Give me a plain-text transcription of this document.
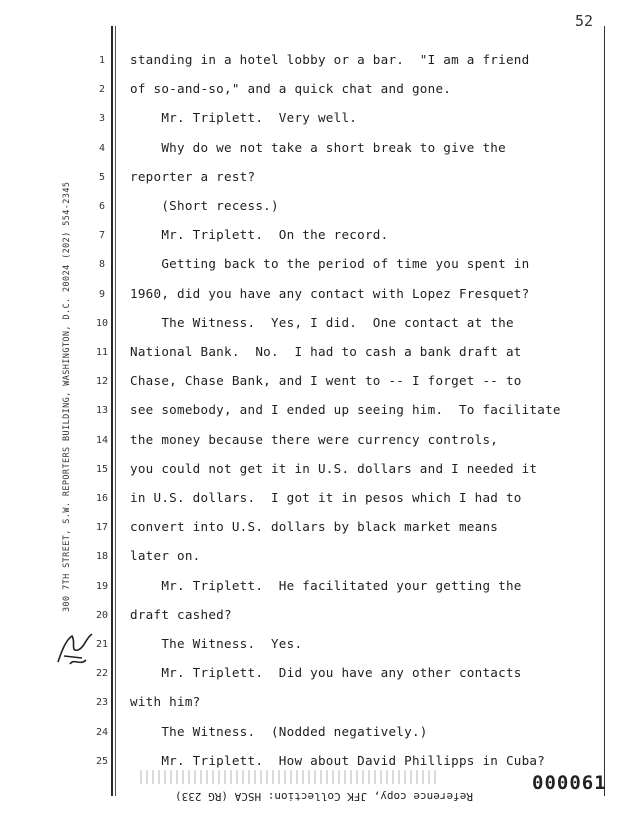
52
300 7TH STREET, S.W. REPORTERS BUILDING, WASHINGTON, D.C. 20024 (202) 554-2345
1	standing in a hotel lobby or a bar.  "I am a friend
2	of so-and-so," and a quick chat and gone.
3	Mr. Triplett.  Very well.
4	Why do we not take a short break to give the
5	reporter a rest?
6	(Short recess.)
7	Mr. Triplett.  On the record.
8	Getting back to the period of time you spent in
9	1960, did you have any contact with Lopez Fresquet?
10	The Witness.  Yes, I did.  One contact at the
11	National Bank.  No.  I had to cash a bank draft at
12	Chase, Chase Bank, and I went to -- I forget -- to
13	see somebody, and I ended up seeing him.  To facilitate
14	the money because there were currency controls,
15	you could not get it in U.S. dollars and I needed it
16	in U.S. dollars.  I got it in pesos which I had to
17	convert into U.S. dollars by black market means
18	later on.
19	Mr. Triplett.  He facilitated your getting the
20	draft cashed?
21	The Witness.  Yes.
22	Mr. Triplett.  Did you have any other contacts
23	with him?
24	The Witness.  (Nodded negatively.)
25	Mr. Triplett.  How about David Phillipps in Cuba?
Reference copy, JFK Collection: HSCA (RG 233)
000061
